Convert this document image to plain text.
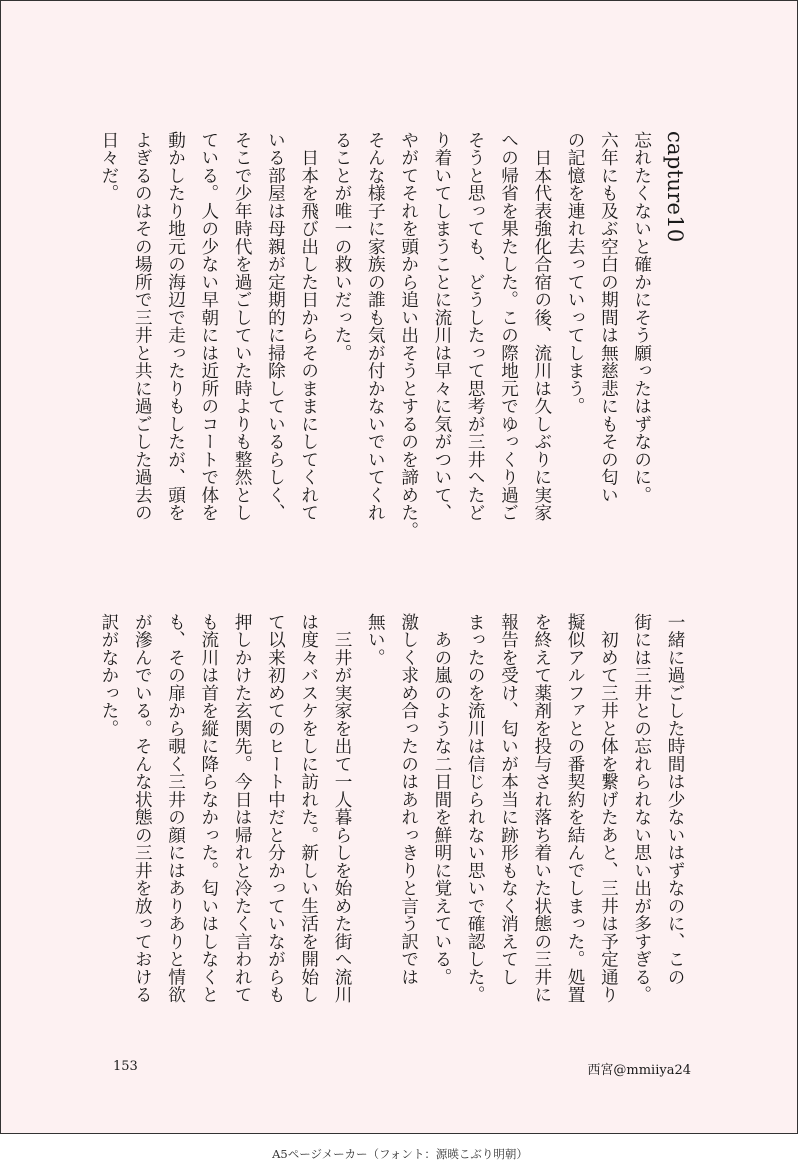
capture10

忘れたくないと確かにそう願ったはずなのに。

六年にも及ぶ空白の期間は無慈悲にもその匂い

の記憶を連れ去っていってしまう。

　日本代表強化合宿の後、流川は久しぶりに実家

への帰省を果たした。この際地元でゆっくり過ご

そうと思っても、どうしたって思考が三井へたど

り着いてしまうことに流川は早々に気がついて、

やがてそれを頭から追い出そうとするのを諦めた。

そんな様子に家族の誰も気が付かないでいてくれ

ることが唯一の救いだった。

　日本を飛び出した日からそのままにしてくれて

いる部屋は母親が定期的に掃除しているらしく、

そこで少年時代を過ごしていた時よりも整然とし

ている。人の少ない早朝には近所のコートで体を

動かしたり地元の海辺で走ったりもしたが、頭を

よぎるのはその場所で三井と共に過ごした過去の

日々だ。

一緒に過ごした時間は少ないはずなのに、この

街には三井との忘れられない思い出が多すぎる。

　初めて三井と体を繋げたあと、三井は予定通り

擬似アルファとの番契約を結んでしまった。処置

を終えて薬剤を投与され落ち着いた状態の三井に

報告を受け、匂いが本当に跡形もなく消えてし

まったのを流川は信じられない思いで確認した。

　あの嵐のような二日間を鮮明に覚えている。

激しく求め合ったのはあれっきりと言う訳では

無い。

　三井が実家を出て一人暮らしを始めた街へ流川

は度々バスケをしに訪れた。新しい生活を開始し

て以来初めてのヒート中だと分かっていながらも

押しかけた玄関先。今日は帰れと冷たく言われて

も流川は首を縦に降らなかった。匂いはしなくと

も、その扉から覗く三井の顔にはありありと情欲

が滲んでいる。そんな状態の三井を放っておける

訳がなかった。

153	西宮@mmiiya24
A5ページメーカー（フォント：源暎こぶり明朝）
